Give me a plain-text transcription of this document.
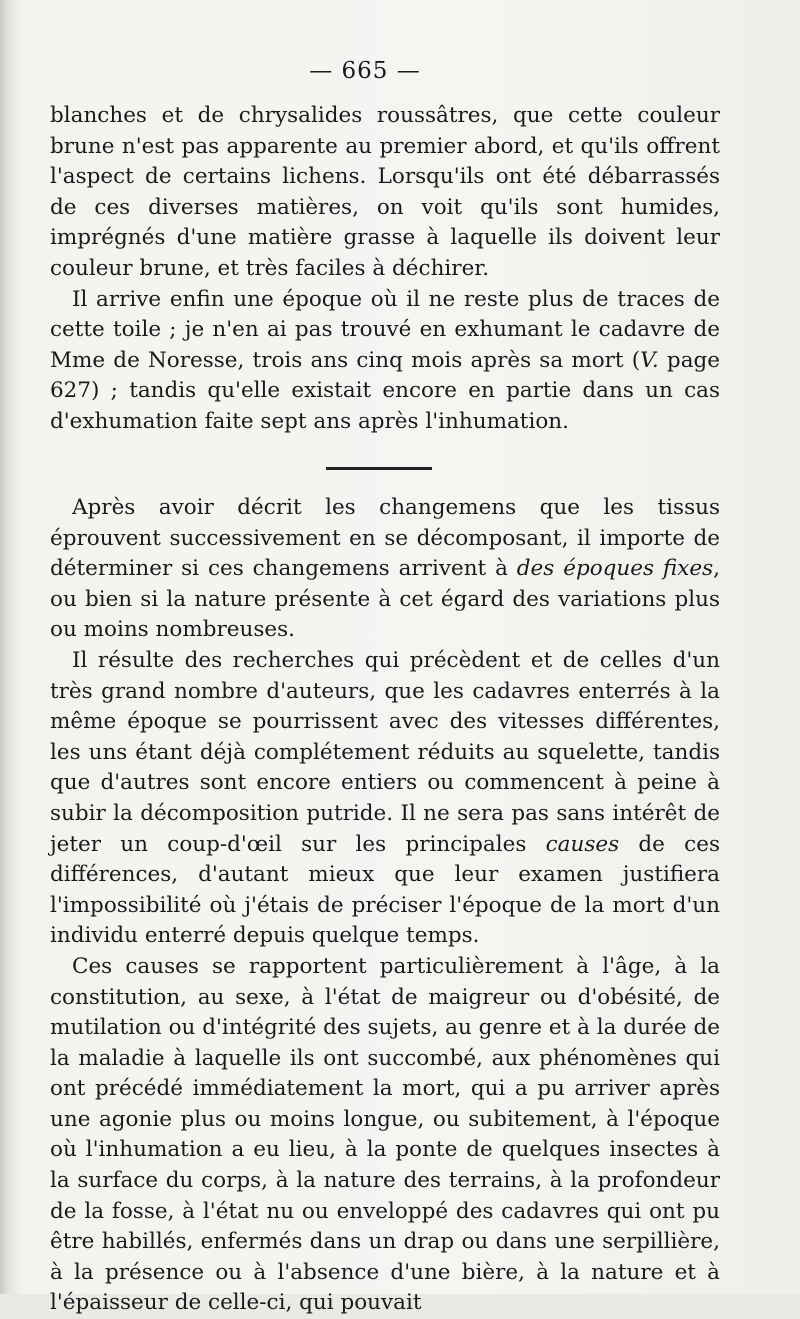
— 665 —

blanches et de chrysalides roussâtres, que cette couleur brune n'est pas apparente au premier abord, et qu'ils offrent l'aspect de certains lichens. Lorsqu'ils ont été débarrassés de ces diverses matières, on voit qu'ils sont humides, imprégnés d'une matière grasse à laquelle ils doivent leur couleur brune, et très faciles à déchirer.

Il arrive enfin une époque où il ne reste plus de traces de cette toile ; je n'en ai pas trouvé en exhumant le cadavre de Mme de Noresse, trois ans cinq mois après sa mort (V. page 627) ; tandis qu'elle existait encore en partie dans un cas d'exhumation faite sept ans après l'inhumation.

Après avoir décrit les changemens que les tissus éprouvent successivement en se décomposant, il importe de déterminer si ces changemens arrivent à des époques fixes, ou bien si la nature présente à cet égard des variations plus ou moins nombreuses.

Il résulte des recherches qui précèdent et de celles d'un très grand nombre d'auteurs, que les cadavres enterrés à la même époque se pourrissent avec des vitesses différentes, les uns étant déjà complétement réduits au squelette, tandis que d'autres sont encore entiers ou commencent à peine à subir la décomposition putride. Il ne sera pas sans intérêt de jeter un coup-d'œil sur les principales causes de ces différences, d'autant mieux que leur examen justifiera l'impossibilité où j'étais de préciser l'époque de la mort d'un individu enterré depuis quelque temps.

Ces causes se rapportent particulièrement à l'âge, à la constitution, au sexe, à l'état de maigreur ou d'obésité, de mutilation ou d'intégrité des sujets, au genre et à la durée de la maladie à laquelle ils ont succombé, aux phénomènes qui ont précédé immédiatement la mort, qui a pu arriver après une agonie plus ou moins longue, ou subitement, à l'époque où l'inhumation a eu lieu, à la ponte de quelques insectes à la surface du corps, à la nature des terrains, à la profondeur de la fosse, à l'état nu ou enveloppé des cadavres qui ont pu être habillés, enfermés dans un drap ou dans une serpillière, à la présence ou à l'absence d'une bière, à la nature et à l'épaisseur de celle-ci, qui pouvait
